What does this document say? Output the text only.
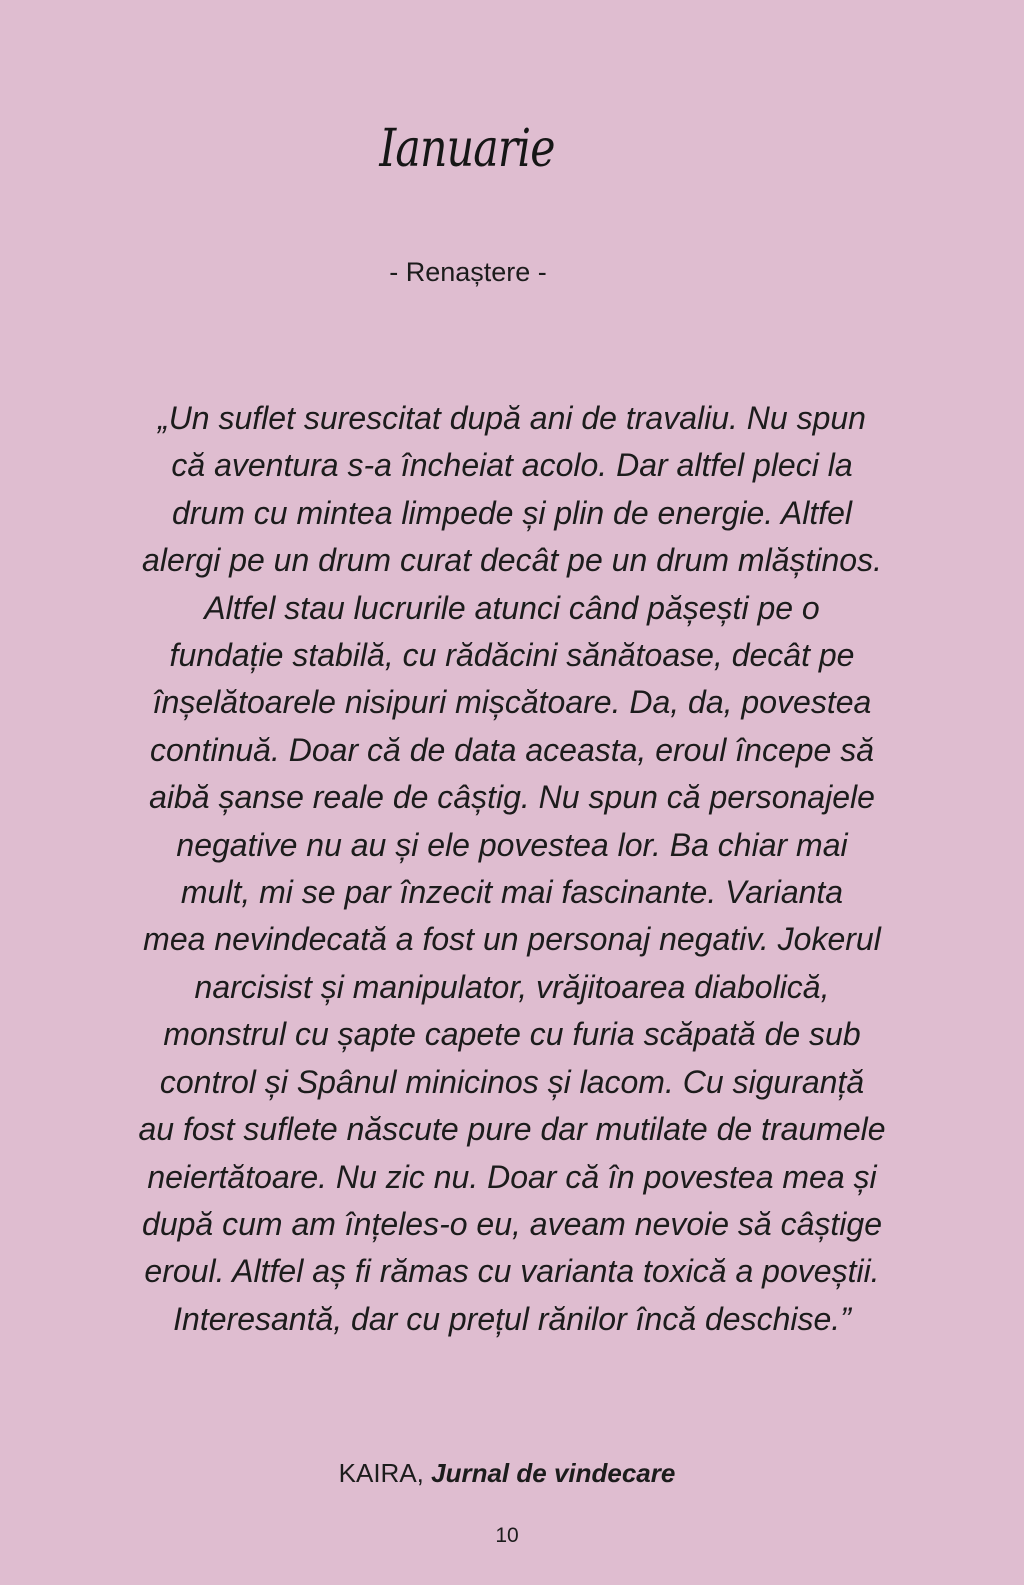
Ianuarie
- Renaștere -

„Un suflet surescitat după ani de travaliu. Nu spun
că aventura s-a încheiat acolo. Dar altfel pleci la
drum cu mintea limpede și plin de energie. Altfel
alergi pe un drum curat decât pe un drum mlăștinos.
Altfel stau lucrurile atunci când pășești pe o
fundație stabilă, cu rădăcini sănătoase, decât pe
înșelătoarele nisipuri mișcătoare. Da, da, povestea
continuă. Doar că de data aceasta, eroul începe să
aibă șanse reale de câștig. Nu spun că personajele
negative nu au și ele povestea lor. Ba chiar mai
mult, mi se par înzecit mai fascinante. Varianta
mea nevindecată a fost un personaj negativ. Jokerul
narcisist și manipulator, vrăjitoarea diabolică,
monstrul cu șapte capete cu furia scăpată de sub
control și Spânul minicinos și lacom. Cu siguranță
au fost suflete născute pure dar mutilate de traumele
neiertătoare. Nu zic nu. Doar că în povestea mea și
după cum am înțeles-o eu, aveam nevoie să câștige
eroul. Altfel aș fi rămas cu varianta toxică a poveștii.
Interesantă, dar cu prețul rănilor încă deschise.”

KAIRA, Jurnal de vindecare
10
